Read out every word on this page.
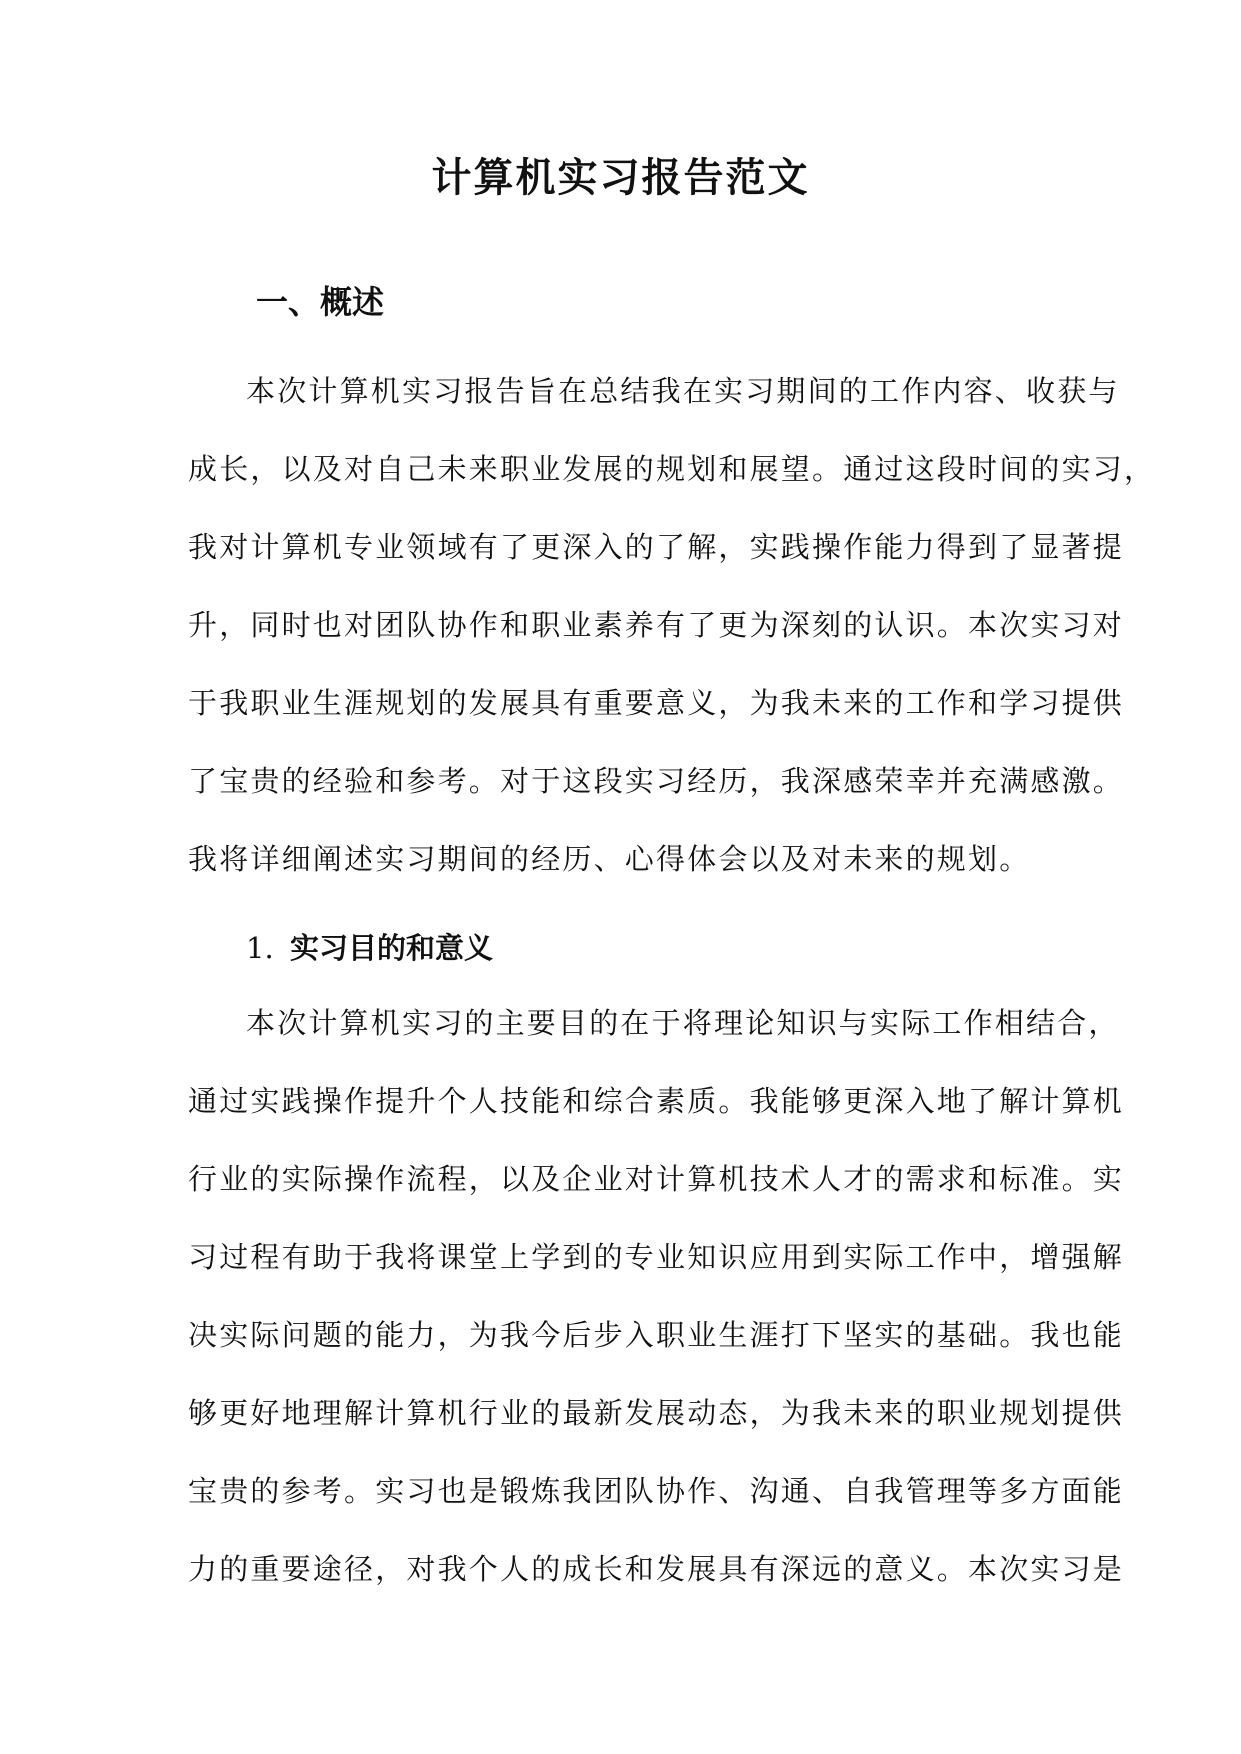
计算机实习报告范文
一、概述
本次计算机实习报告旨在总结我在实习期间的工作内容、收获与
成长，以及对自己未来职业发展的规划和展望。通过这段时间的实习，
我对计算机专业领域有了更深入的了解，实践操作能力得到了显著提
升，同时也对团队协作和职业素养有了更为深刻的认识。本次实习对
于我职业生涯规划的发展具有重要意义，为我未来的工作和学习提供
了宝贵的经验和参考。对于这段实习经历，我深感荣幸并充满感激。
我将详细阐述实习期间的经历、心得体会以及对未来的规划。
1. 实习目的和意义
本次计算机实习的主要目的在于将理论知识与实际工作相结合，
通过实践操作提升个人技能和综合素质。我能够更深入地了解计算机
行业的实际操作流程，以及企业对计算机技术人才的需求和标准。实
习过程有助于我将课堂上学到的专业知识应用到实际工作中，增强解
决实际问题的能力，为我今后步入职业生涯打下坚实的基础。我也能
够更好地理解计算机行业的最新发展动态，为我未来的职业规划提供
宝贵的参考。实习也是锻炼我团队协作、沟通、自我管理等多方面能
力的重要途径，对我个人的成长和发展具有深远的意义。本次实习是
